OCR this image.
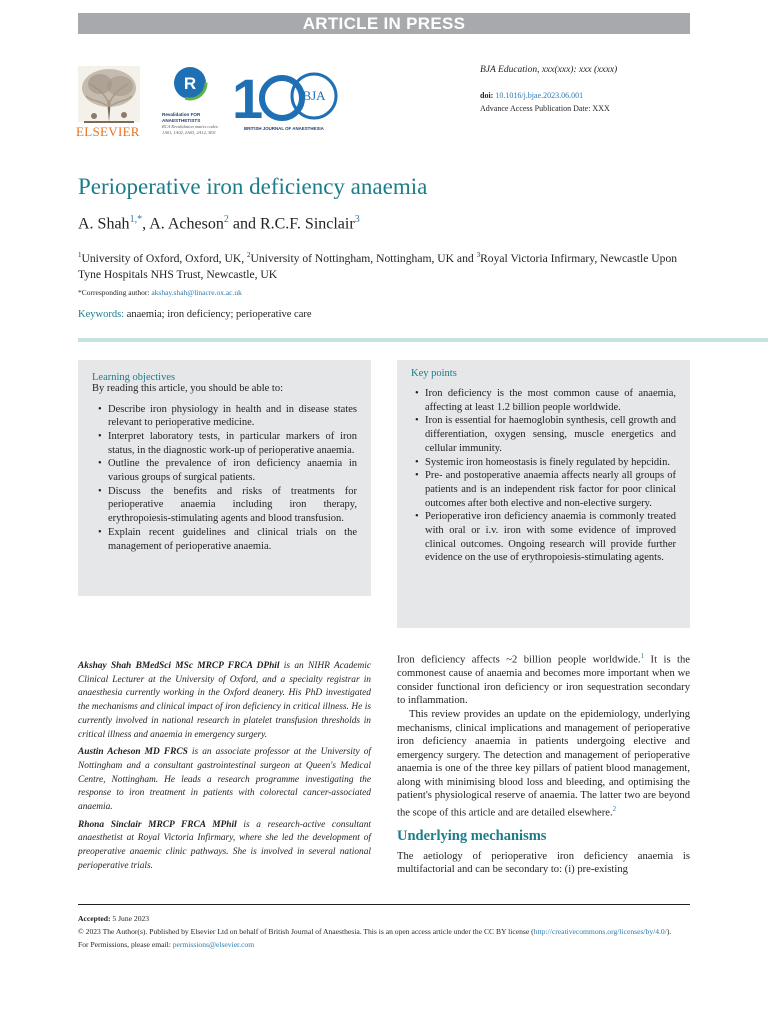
ARTICLE IN PRESS
ELSEVIER
R
Revalidation FOR ANAESTHETISTS
RCA Revalidation matrix codes: 1A01, 1A02, 2A03, 2A12, 3I01
1	BJA
BRITISH JOURNAL OF ANAESTHESIA
BJA Education, xxx(xxx): xxx (xxxx)
doi: 10.1016/j.bjae.2023.06.001
Advance Access Publication Date: XXX
Perioperative iron deficiency anaemia
A. Shah$^{1,*}$, A. Acheson$^2$ and R.C.F. Sinclair$^3$
$^1$University of Oxford, Oxford, UK, $^2$University of Nottingham, Nottingham, UK and $^3$Royal Victoria Infirmary, Newcastle Upon Tyne Hospitals NHS Trust, Newcastle, UK
*Corresponding author: akshay.shah@linacre.ox.ac.uk
Keywords: anaemia; iron deficiency; perioperative care
Learning objectives
By reading this article, you should be able to:
• Describe iron physiology in health and in disease states relevant to perioperative medicine.
• Interpret laboratory tests, in particular markers of iron status, in the diagnostic work-up of perioperative anaemia.
• Outline the prevalence of iron deficiency anaemia in various groups of surgical patients.
• Discuss the benefits and risks of treatments for perioperative anaemia including iron therapy, erythropoiesis-stimulating agents and blood transfusion.
• Explain recent guidelines and clinical trials on the management of perioperative anaemia.
Key points
• Iron deficiency is the most common cause of anaemia, affecting at least 1.2 billion people worldwide.
• Iron is essential for haemoglobin synthesis, cell growth and differentiation, oxygen sensing, muscle energetics and cellular immunity.
• Systemic iron homeostasis is finely regulated by hepcidin.
• Pre- and postoperative anaemia affects nearly all groups of patients and is an independent risk factor for poor clinical outcomes after both elective and non-elective surgery.
• Perioperative iron deficiency anaemia is commonly treated with oral or i.v. iron with some evidence of improved clinical outcomes. Ongoing research will provide further evidence on the use of erythropoiesis-stimulating agents.

Akshay Shah BMedSci MSc MRCP FRCA DPhil is an NIHR Academic Clinical Lecturer at the University of Oxford, and a specialty registrar in anaesthesia currently working in the Oxford deanery. His PhD investigated the mechanisms and clinical impact of iron deficiency in critical illness. He is currently involved in national research in platelet transfusion thresholds in critical illness and anaemia in emergency surgery.

Austin Acheson MD FRCS is an associate professor at the University of Nottingham and a consultant gastrointestinal surgeon at Queen's Medical Centre, Nottingham. He leads a research programme investigating the response to iron treatment in patients with colorectal cancer-associated anaemia.

Rhona Sinclair MRCP FRCA MPhil is a research-active consultant anaesthetist at Royal Victoria Infirmary, where she led the development of preoperative anaemic clinic pathways. She is involved in several national perioperative trials.

Iron deficiency affects ~2 billion people worldwide.$^1$ It is the commonest cause of anaemia and becomes more important when we consider functional iron deficiency or iron sequestration secondary to inflammation.

This review provides an update on the epidemiology, underlying mechanisms, clinical implications and management of perioperative iron deficiency anaemia in patients undergoing elective and emergency surgery. The detection and management of perioperative anaemia is one of the three key pillars of patient blood management, along with minimising blood loss and bleeding, and optimising the patient's physiological reserve of anaemia. The latter two are beyond the scope of this article and are detailed elsewhere.$^2$

Underlying mechanisms

The aetiology of perioperative iron deficiency anaemia is multifactorial and can be secondary to: (i) pre-existing

Accepted: 5 June 2023

© 2023 The Author(s). Published by Elsevier Ltd on behalf of British Journal of Anaesthesia. This is an open access article under the CC BY license (http://creativecommons.org/licenses/by/4.0/).

For Permissions, please email: permissions@elsevier.com
